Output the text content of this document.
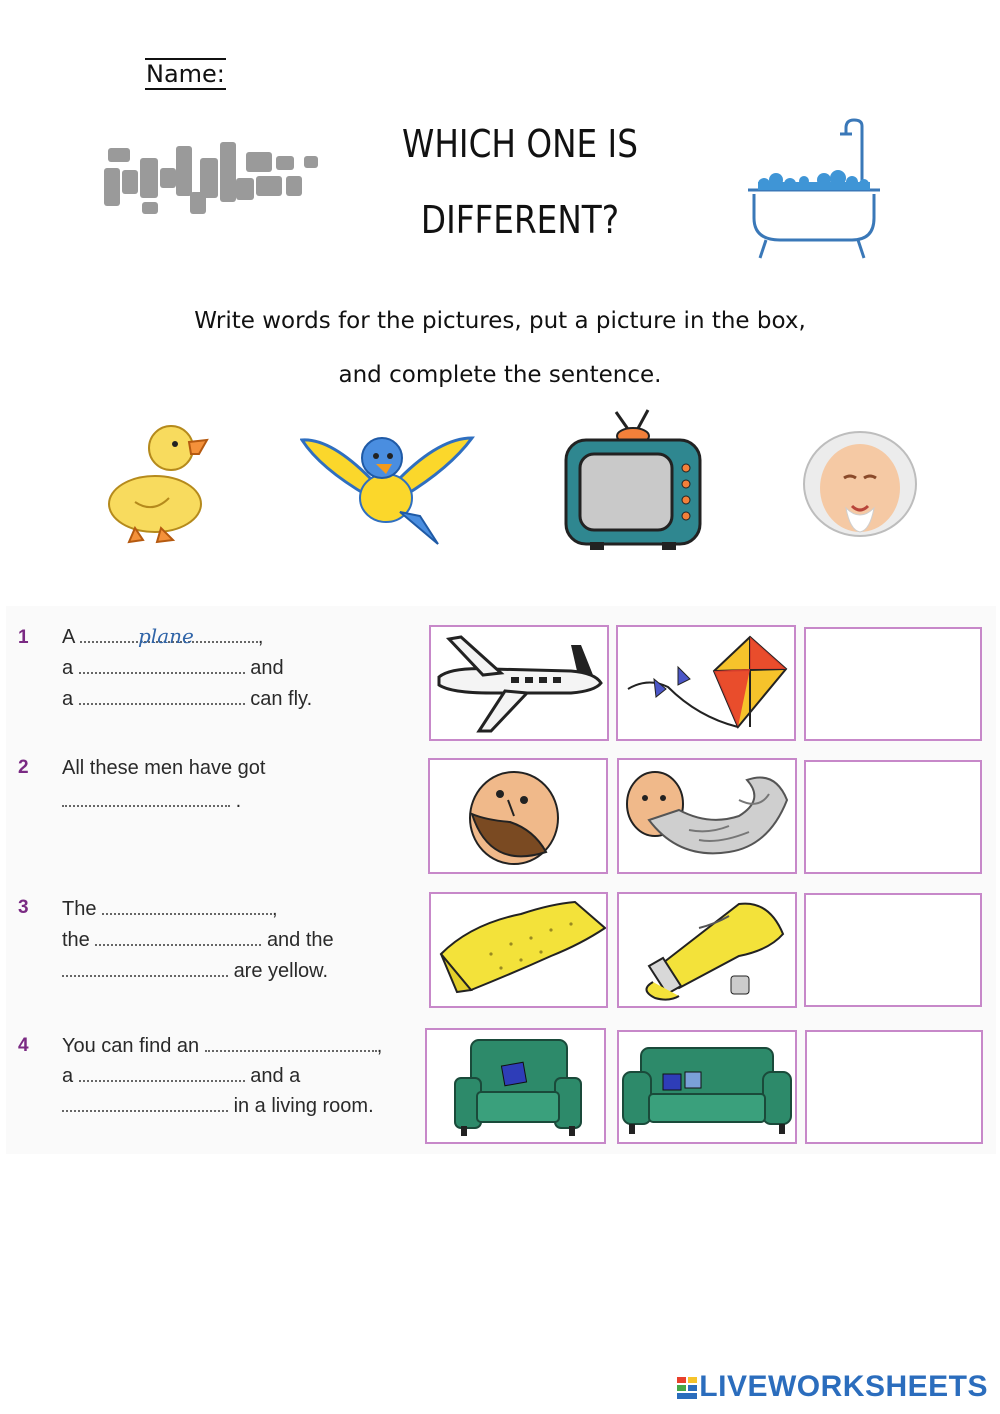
Name:
WHICH ONE IS
DIFFERENT?
Write words for the pictures, put a picture in the box,
and complete the sentence.
1 A	,
plane
a	and
a	can fly.
2 All these men have got
.
3 The	,
the	and the
are yellow.
4 You can find an	,
a	and a
in a living room.
LIVEWORKSHEETS
